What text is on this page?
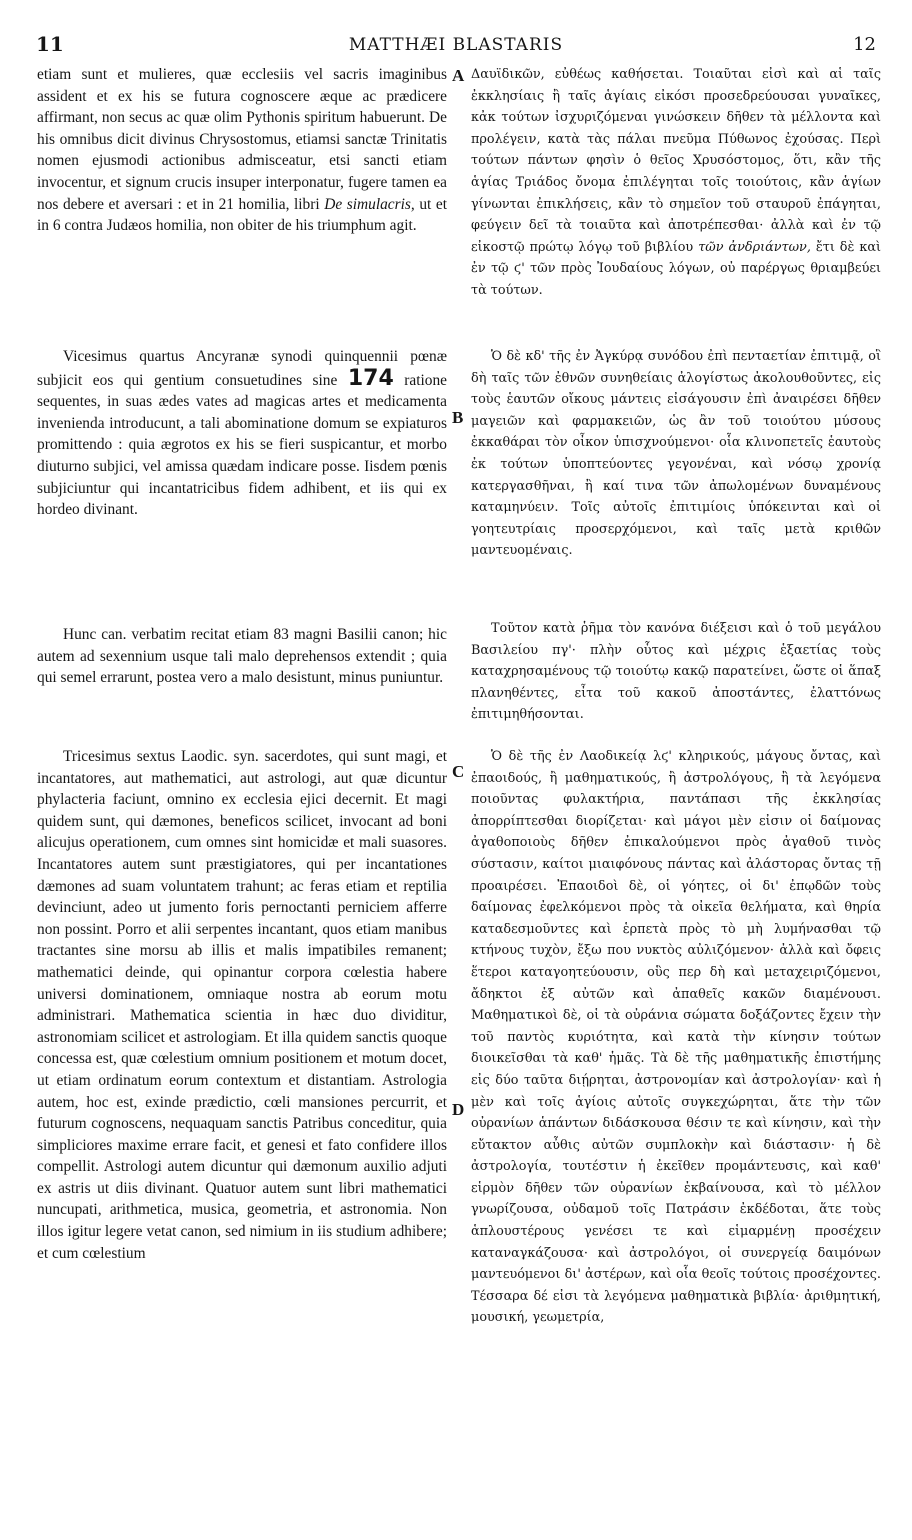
11	MATTHÆI BLASTARIS	12
A
B
C
D

etiam sunt et mulieres, quæ ecclesiis vel sacris imaginibus assident et ex his se futura cognoscere æque ac prædicere affirmant, non secus ac quæ olim Pythonis spiritum habuerunt. De his omnibus dicit divinus Chrysostomus, etiamsi sanctæ Trinitatis nomen ejusmodi actionibus admisceatur, etsi sancti etiam invocentur, et signum crucis insuper interponatur, fugere tamen ea nos debere et aversari : et in 21 homilia, libri De simulacris, ut et in 6 contra Judæos homilia, non obiter de his triumphum agit.

Vicesimus quartus Ancyranæ synodi quinquennii pœnæ subjicit eos qui gentium consuetudines sine 174 ratione sequentes, in suas ædes vates ad magicas artes et medicamenta invenienda introducunt, a tali abominatione domum se expiaturos promittendo : quia ægrotos ex his se fieri suspicantur, et morbo diuturno subjici, vel amissa quædam indicare posse. Iisdem pœnis subjiciuntur qui incantatricibus fidem adhibent, et iis qui ex hordeo divinant.

Hunc can. verbatim recitat etiam 83 magni Basilii canon; hic autem ad sexennium usque tali malo deprehensos extendit ; quia qui semel errarunt, postea vero a malo desistunt, minus puniuntur.

Tricesimus sextus Laodic. syn. sacerdotes, qui sunt magi, et incantatores, aut mathematici, aut astrologi, aut quæ dicuntur phylacteria faciunt, omnino ex ecclesia ejici decernit. Et magi quidem sunt, qui dæmones, beneficos scilicet, invocant ad boni alicujus operationem, cum omnes sint homicidæ et mali suasores. Incantatores autem sunt præstigiatores, qui per incantationes dæmones ad suam voluntatem trahunt; ac feras etiam et reptilia devinciunt, adeo ut jumento foris pernoctanti perniciem afferre non possint. Porro et alii serpentes incantant, quos etiam manibus tractantes sine morsu ab illis et malis impatibiles remanent; mathematici deinde, qui opinantur corpora cœlestia habere universi dominationem, omniaque nostra ab eorum motu administrari. Mathematica scientia in hæc duo dividitur, astronomiam scilicet et astrologiam. Et illa quidem sanctis quoque concessa est, quæ cœlestium omnium positionem et motum docet, ut etiam ordinatum eorum contextum et distantiam. Astrologia autem, hoc est, exinde prædictio, cœli mansiones percurrit, et futurum cognoscens, nequaquam sanctis Patribus conceditur, quia simpliciores maxime errare facit, et genesi et fato confidere illos compellit. Astrologi autem dicuntur qui dæmonum auxilio adjuti ex astris ut diis divinant. Quatuor autem sunt libri mathematici nuncupati, arithmetica, musica, geometria, et astronomia. Non illos igitur legere vetat canon, sed nimium in iis studium adhibere; et cum cœlestium

Δαυϊδικῶν, εὐθέως καθήσεται. Τοιαῦται εἰσὶ καὶ αἱ ταῖς ἐκκλησίαις ἢ ταῖς ἁγίαις εἰκόσι προσεδρεύουσαι γυναῖκες, κἀκ τούτων ἰσχυριζόμεναι γινώσκειν δῆθεν τὰ μέλλοντα καὶ προλέγειν, κατὰ τὰς πάλαι πνεῦμα Πύθωνος ἐχούσας. Περὶ τούτων πάντων φησὶν ὁ θεῖος Χρυσόστομος, ὅτι, κἂν τῆς ἁγίας Τριάδος ὄνομα ἐπιλέγηται τοῖς τοιούτοις, κἂν ἁγίων γίνωνται ἐπικλήσεις, κἂν τὸ σημεῖον τοῦ σταυροῦ ἐπάγηται, φεύγειν δεῖ τὰ τοιαῦτα καὶ ἀποτρέπεσθαι· ἀλλὰ καὶ ἐν τῷ εἰκοστῷ πρώτῳ λόγῳ τοῦ βιβλίου τῶν ἀνδριάντων, ἔτι δὲ καὶ ἐν τῷ ϛ' τῶν πρὸς Ἰουδαίους λόγων, οὐ παρέργως θριαμβεύει τὰ τούτων.

Ὁ δὲ κδ' τῆς ἐν Ἀγκύρᾳ συνόδου ἐπὶ πενταετίαν ἐπιτιμᾷ, οἳ δὴ ταῖς τῶν ἐθνῶν συνηθείαις ἀλογίστως ἀκολουθοῦντες, εἰς τοὺς ἑαυτῶν οἴκους μάντεις εἰσάγουσιν ἐπὶ ἀναιρέσει δῆθεν μαγειῶν καὶ φαρμακειῶν, ὡς ἂν τοῦ τοιούτου μύσους ἐκκαθάραι τὸν οἶκον ὑπισχνούμενοι· οἷα κλινοπετεῖς ἑαυτοὺς ἐκ τούτων ὑποπτεύοντες γεγονέναι, καὶ νόσῳ χρονίᾳ κατεργασθῆναι, ἢ καί τινα τῶν ἀπωλομένων δυναμένους καταμηνύειν. Τοῖς αὐτοῖς ἐπιτιμίοις ὑπόκεινται καὶ οἱ γοητευτρίαις προσερχόμενοι, καὶ ταῖς μετὰ κριθῶν μαντευομέναις.

Τοῦτον κατὰ ῥῆμα τὸν κανόνα διέξεισι καὶ ὁ τοῦ μεγάλου Βασιλείου πγ'· πλὴν οὗτος καὶ μέχρις ἑξαετίας τοὺς καταχρησαμένους τῷ τοιούτῳ κακῷ παρατείνει, ὥστε οἱ ἅπαξ πλανηθέντες, εἶτα τοῦ κακοῦ ἀποστάντες, ἐλαττόνως ἐπιτιμηθήσονται.

Ὁ δὲ τῆς ἐν Λαοδικείᾳ λϛ' κληρικούς, μάγους ὄντας, καὶ ἐπαοιδούς, ἢ μαθηματικούς, ἢ ἀστρολόγους, ἢ τὰ λεγόμενα ποιοῦντας φυλακτήρια, παντάπασι τῆς ἐκκλησίας ἀπορρίπτεσθαι διορίζεται· καὶ μάγοι μὲν εἰσιν οἱ δαίμονας ἀγαθοποιοὺς δῆθεν ἐπικαλούμενοι πρὸς ἀγαθοῦ τινὸς σύστασιν, καίτοι μιαιφόνους πάντας καὶ ἀλάστορας ὄντας τῇ προαιρέσει. Ἐπαοιδοὶ δὲ, οἱ γόητες, οἱ δι' ἐπῳδῶν τοὺς δαίμονας ἐφελκόμενοι πρὸς τὰ οἰκεῖα θελήματα, καὶ θηρία καταδεσμοῦντες καὶ ἑρπετὰ πρὸς τὸ μὴ λυμήνασθαι τῷ κτήνους τυχὸν, ἔξω που νυκτὸς αὐλιζόμενον· ἀλλὰ καὶ ὄφεις ἕτεροι καταγοητεύουσιν, οὓς περ δὴ καὶ μεταχειριζόμενοι, ἄδηκτοι ἐξ αὐτῶν καὶ ἀπαθεῖς κακῶν διαμένουσι. Μαθηματικοὶ δὲ, οἱ τὰ οὐράνια σώματα δοξάζοντες ἔχειν τὴν τοῦ παντὸς κυριότητα, καὶ κατὰ τὴν κίνησιν τούτων διοικεῖσθαι τὰ καθ' ἡμᾶς. Τὰ δὲ τῆς μαθηματικῆς ἐπιστήμης εἰς δύο ταῦτα διῄρηται, ἀστρονομίαν καὶ ἀστρολογίαν· καὶ ἡ μὲν καὶ τοῖς ἁγίοις αὐτοῖς συγκεχώρηται, ἅτε τὴν τῶν οὐρανίων ἁπάντων διδάσκουσα θέσιν τε καὶ κίνησιν, καὶ τὴν εὔτακτον αὖθις αὐτῶν συμπλοκὴν καὶ διάστασιν· ἡ δὲ ἀστρολογία, τουτέστιν ἡ ἐκεῖθεν προμάντευσις, καὶ καθ' εἱρμὸν δῆθεν τῶν οὐρανίων ἐκβαίνουσα, καὶ τὸ μέλλον γνωρίζουσα, οὐδαμοῦ τοῖς Πατράσιν ἐκδέδοται, ἅτε τοὺς ἁπλουστέρους γενέσει τε καὶ εἱμαρμένῃ προσέχειν καταναγκάζουσα· καὶ ἀστρολόγοι, οἱ συνεργείᾳ δαιμόνων μαντευόμενοι δι' ἀστέρων, καὶ οἷα θεοῖς τούτοις προσέχοντες. Τέσσαρα δέ εἰσι τὰ λεγόμενα μαθηματικὰ βιβλία· ἀριθμητική, μουσική, γεωμετρία,
